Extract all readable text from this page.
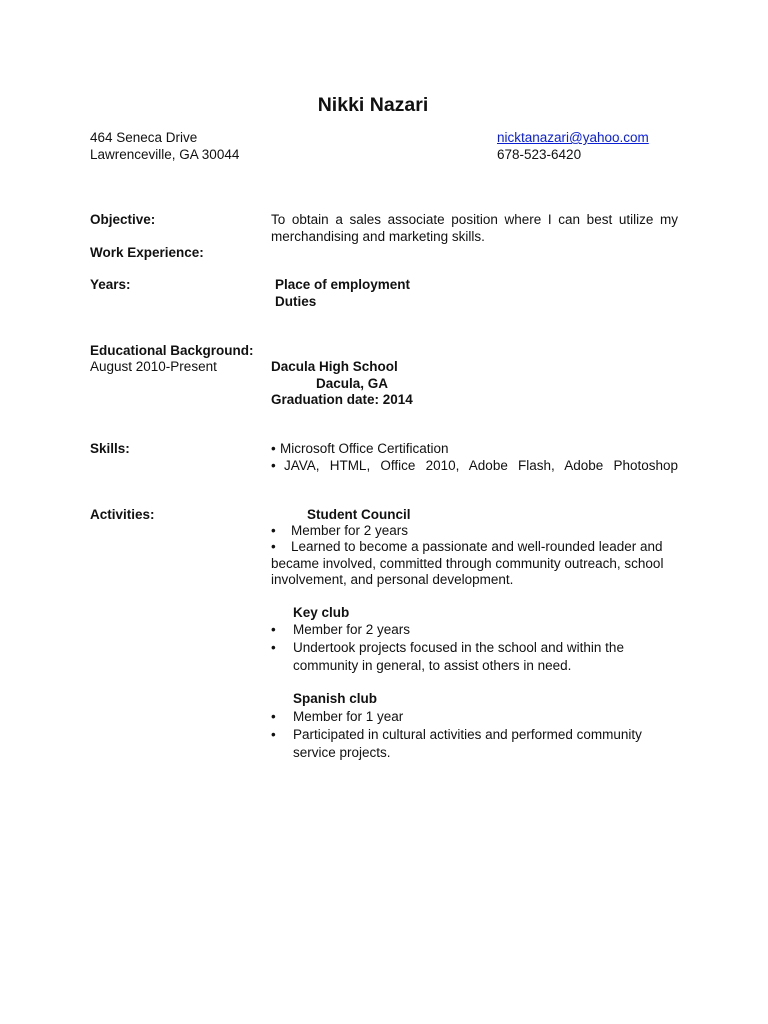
Nikki Nazari
464 Seneca Drive
Lawrenceville, GA 30044
nicktanazari@yahoo.com
678-523-6420
Objective:	To obtain a sales associate position where I can best utilize my
merchandising and marketing skills.
Work Experience:
Years:	Place of employment
Duties
Educational Background:
August 2010-Present	Dacula High School
Dacula, GA
Graduation date: 2014
Skills:	• Microsoft Office Certification
• JAVA, HTML, Office 2010, Adobe Flash, Adobe Photoshop
Activities:	Student Council
• Member for 2 years
• Learned to become a passionate and well-rounded leader and
became involved, committed through community outreach, school
involvement, and personal development.
Key club
• Member for 2 years
• Undertook projects focused in the school and within the
community in general, to assist others in need.
Spanish club
• Member for 1 year
• Participated in cultural activities and performed community
service projects.
